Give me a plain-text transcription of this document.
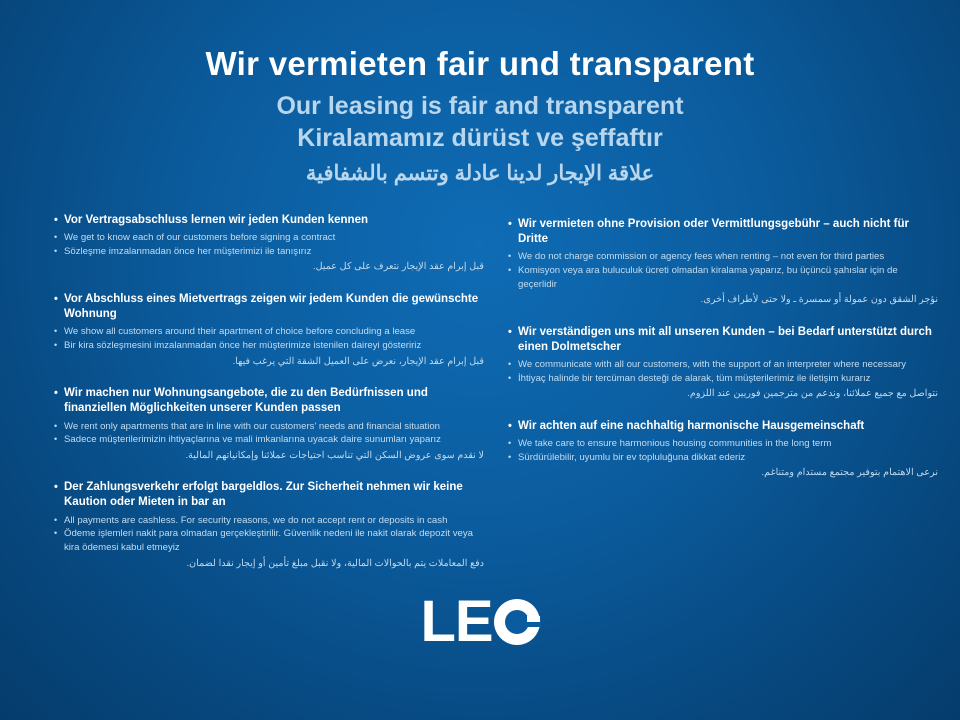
Wir vermieten fair und transparent
Our leasing is fair and transparent
Kiralamamız dürüst ve şeffaftır
علاقة الإيجار لدينا عادلة وتتسم بالشفافية
• Vor Vertragsabschluss lernen wir jeden Kunden kennen
• We get to know each of our customers before signing a contract
• Sözleşme imzalanmadan önce her müşterimizi ile tanışırız
قبل إبرام عقد الإيجار نتعرف على كل عميل.
• Vor Abschluss eines Mietvertrags zeigen wir jedem Kunden die gewünschte Wohnung
• We show all customers around their apartment of choice before concluding a lease
• Bir kira sözleşmesini imzalanmadan önce her müşterimize istenilen daireyi gösteririz
قبل إبرام عقد الإيجار، نعرض على العميل الشقة التي يرغب فيها.
• Wir machen nur Wohnungsangebote, die zu den Bedürfnissen und finanziellen Möglichkeiten unserer Kunden passen
• We rent only apartments that are in line with our customers' needs and financial situation
• Sadece müşterilerimizin ihtiyaçlarına ve mali imkanlarına uyacak daire sunumları yaparız
لا نقدم سوى عروض السكن التي تناسب احتياجات عملائنا وإمكانياتهم المالية.
• Der Zahlungsverkehr erfolgt bargeldlos. Zur Sicherheit nehmen wir keine Kaution oder Mieten in bar an
• All payments are cashless. For security reasons, we do not accept rent or deposits in cash
• Ödeme işlemleri nakit para olmadan gerçekleştirilir. Güvenlik nedeni ile nakit olarak depozit veya kira ödemesi kabul etmeyiz
دفع المعاملات يتم بالحوالات المالية، ولا نقبل مبلغ تأمين أو إيجار نقدا لضمان.
• Wir vermieten ohne Provision oder Vermittlungsgebühr – auch nicht für Dritte
• We do not charge commission or agency fees when renting – not even for third parties
• Komisyon veya ara buluculuk ücreti olmadan kiralama yaparız, bu üçüncü şahıslar için de geçerlidir
نؤجر الشقق دون عمولة أو سمسرة ـ ولا حتى لأطراف أخرى.
• Wir verständigen uns mit all unseren Kunden – bei Bedarf unterstützt durch einen Dolmetscher
• We communicate with all our customers, with the support of an interpreter where necessary
• İhtiyaç halinde bir tercüman desteği de alarak, tüm müşterilerimiz ile iletişim kurarız
نتواصل مع جميع عملائنا، وندعم من مترجمين فوريين عند اللزوم.
• Wir achten auf eine nachhaltig harmonische Hausgemeinschaft
• We take care to ensure harmonious housing communities in the long term
• Sürdürülebilir, uyumlu bir ev topluluğuna dikkat ederiz
نرعى الاهتمام بتوفير مجتمع مستدام ومتناغم.
LE
